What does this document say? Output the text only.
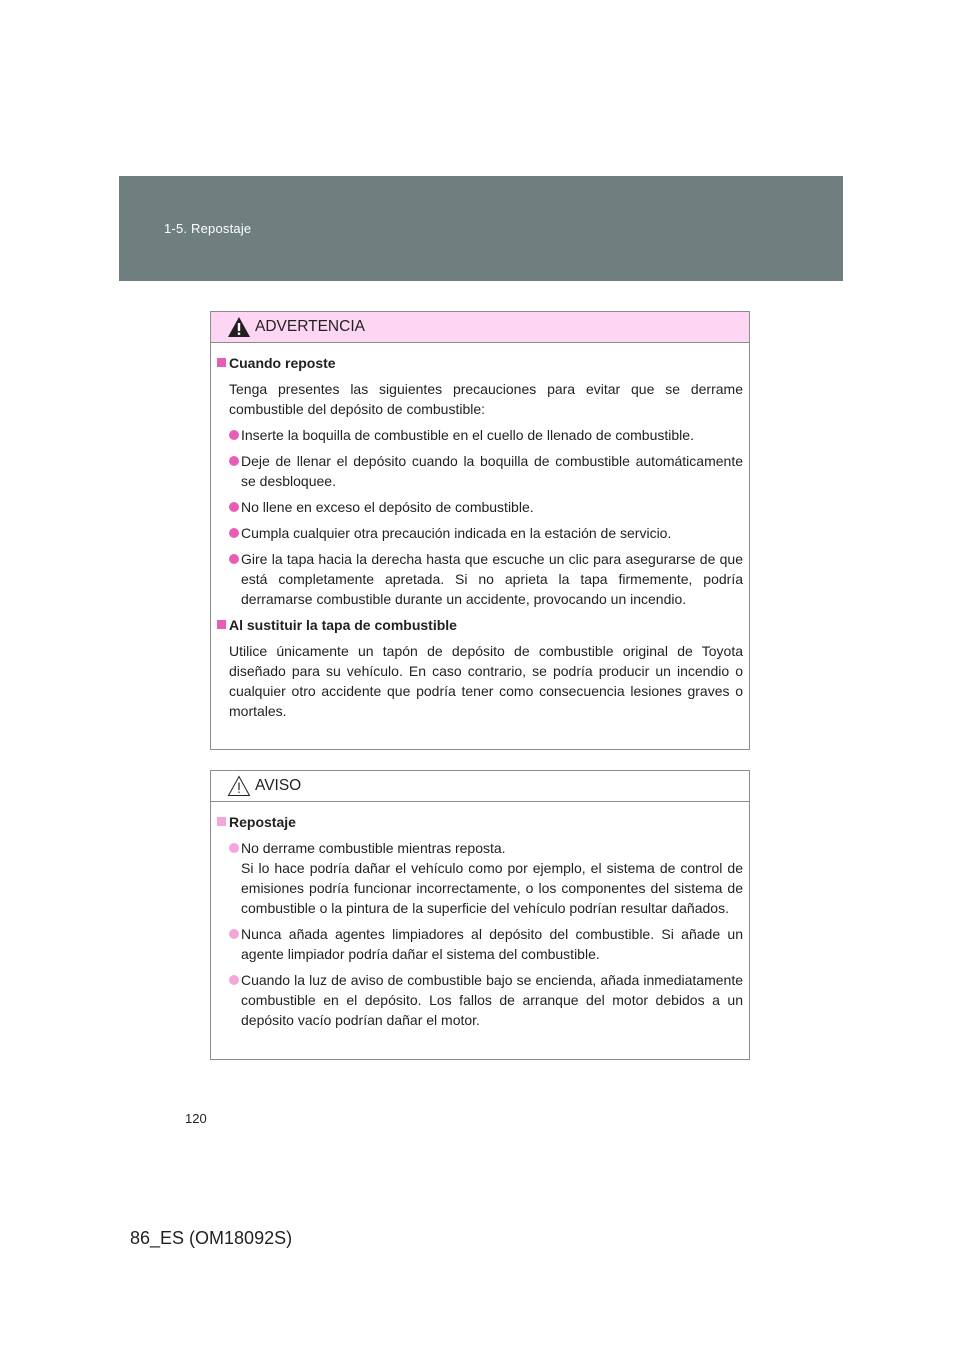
1-5. Repostaje
ADVERTENCIA
Cuando reposte
Tenga presentes las siguientes precauciones para evitar que se derrame combustible del depósito de combustible:
Inserte la boquilla de combustible en el cuello de llenado de combustible.
Deje de llenar el depósito cuando la boquilla de combustible automáticamente se desbloquee.
No llene en exceso el depósito de combustible.
Cumpla cualquier otra precaución indicada en la estación de servicio.
Gire la tapa hacia la derecha hasta que escuche un clic para asegurarse de que está completamente apretada. Si no aprieta la tapa firmemente, podría derramarse combustible durante un accidente, provocando un incendio.
Al sustituir la tapa de combustible
Utilice únicamente un tapón de depósito de combustible original de Toyota diseñado para su vehículo. En caso contrario, se podría producir un incendio o cualquier otro accidente que podría tener como consecuencia lesiones graves o mortales.
AVISO
Repostaje
No derrame combustible mientras reposta.
Si lo hace podría dañar el vehículo como por ejemplo, el sistema de control de emisiones podría funcionar incorrectamente, o los componentes del sistema de combustible o la pintura de la superficie del vehículo podrían resultar dañados.
Nunca añada agentes limpiadores al depósito del combustible. Si añade un agente limpiador podría dañar el sistema del combustible.
Cuando la luz de aviso de combustible bajo se encienda, añada inmediatamente combustible en el depósito. Los fallos de arranque del motor debidos a un depósito vacío podrían dañar el motor.
120
86_ES (OM18092S)
